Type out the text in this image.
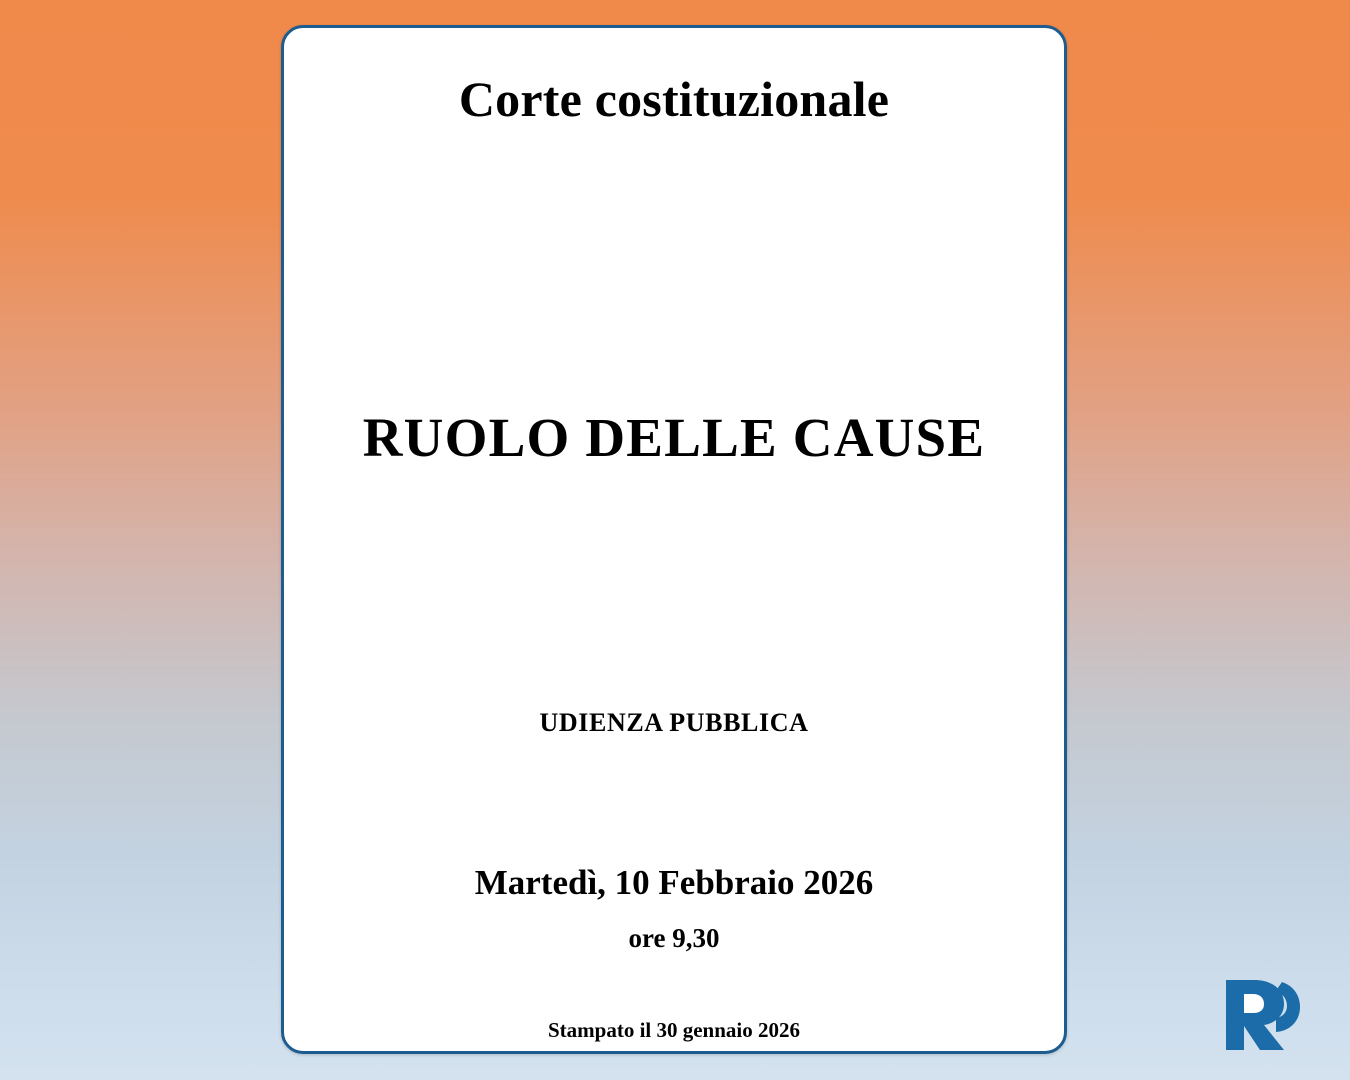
Corte costituzionale
RUOLO DELLE CAUSE
UDIENZA PUBBLICA
Martedì, 10 Febbraio 2026
ore 9,30
Stampato il 30 gennaio 2026
